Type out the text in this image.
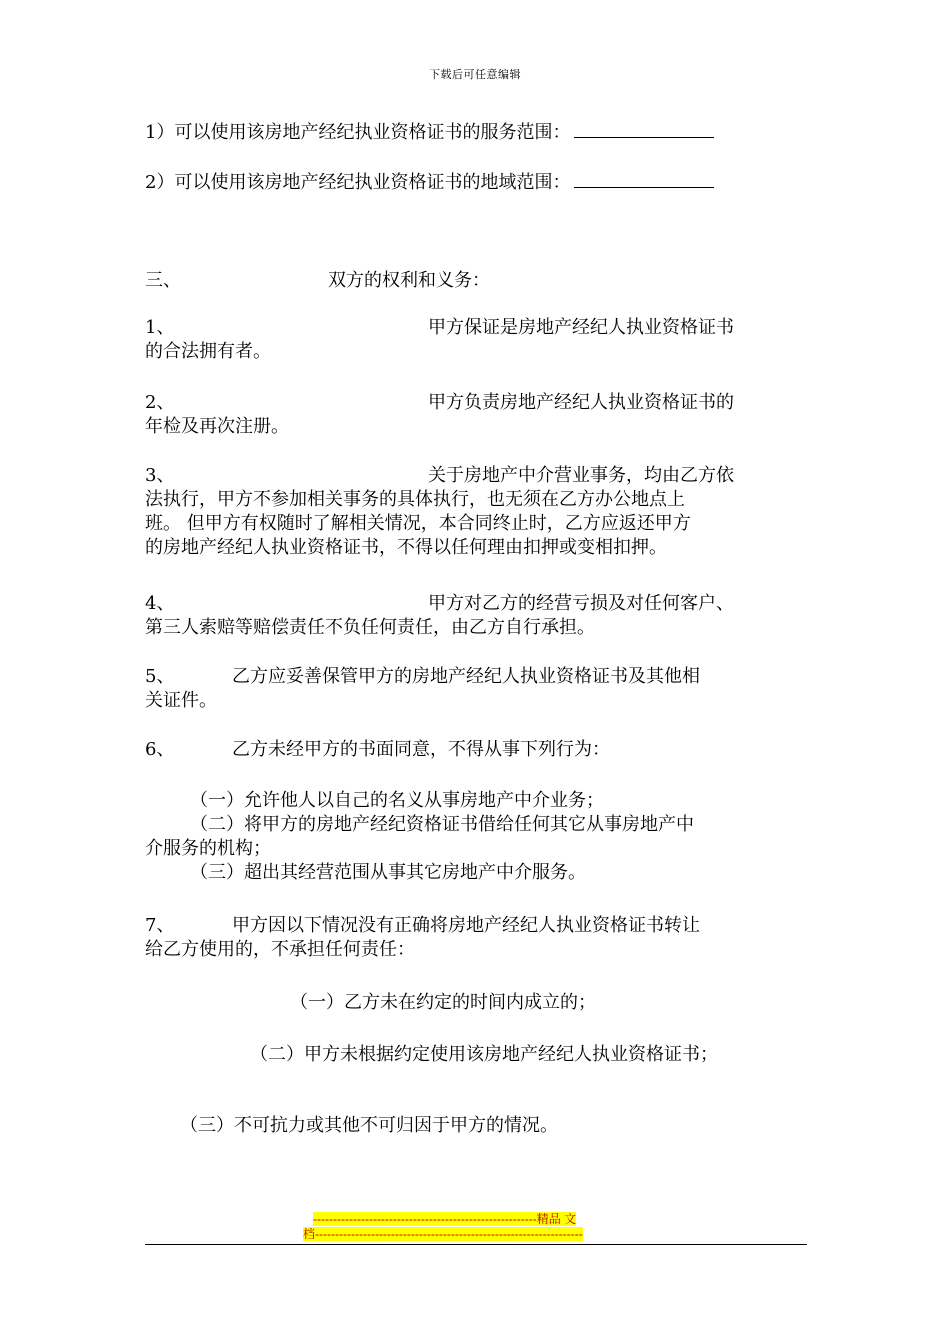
下载后可任意编辑
1）可以使用该房地产经纪执业资格证书的服务范围：
2）可以使用该房地产经纪执业资格证书的地域范围：
三、	双方的权利和义务：
1、	甲方保证是房地产经纪人执业资格证书
的合法拥有者。
2、	甲方负责房地产经纪人执业资格证书的
年检及再次注册。
3、	关于房地产中介营业事务，均由乙方依
法执行，甲方不参加相关事务的具体执行，也无须在乙方办公地点上
班。 但甲方有权随时了解相关情况，本合同终止时，乙方应返还甲方
的房地产经纪人执业资格证书，不得以任何理由扣押或变相扣押。
4、	甲方对乙方的经营亏损及对任何客户、
第三人索赔等赔偿责任不负任何责任，由乙方自行承担。
5、	乙方应妥善保管甲方的房地产经纪人执业资格证书及其他相
关证件。
6、	乙方未经甲方的书面同意，不得从事下列行为：
（一）允许他人以自己的名义从事房地产中介业务；
（二）将甲方的房地产经纪资格证书借给任何其它从事房地产中
介服务的机构；
（三）超出其经营范围从事其它房地产中介服务。
7、	甲方因以下情况没有正确将房地产经纪人执业资格证书转让
给乙方使用的，不承担任何责任：
（一）乙方未在约定的时间内成立的；
（二）甲方未根据约定使用该房地产经纪人执业资格证书；
（三）不可抗力或其他不可归因于甲方的情况。
--------------------------------------------------------精品 文
档-------------------------------------------------------------------
